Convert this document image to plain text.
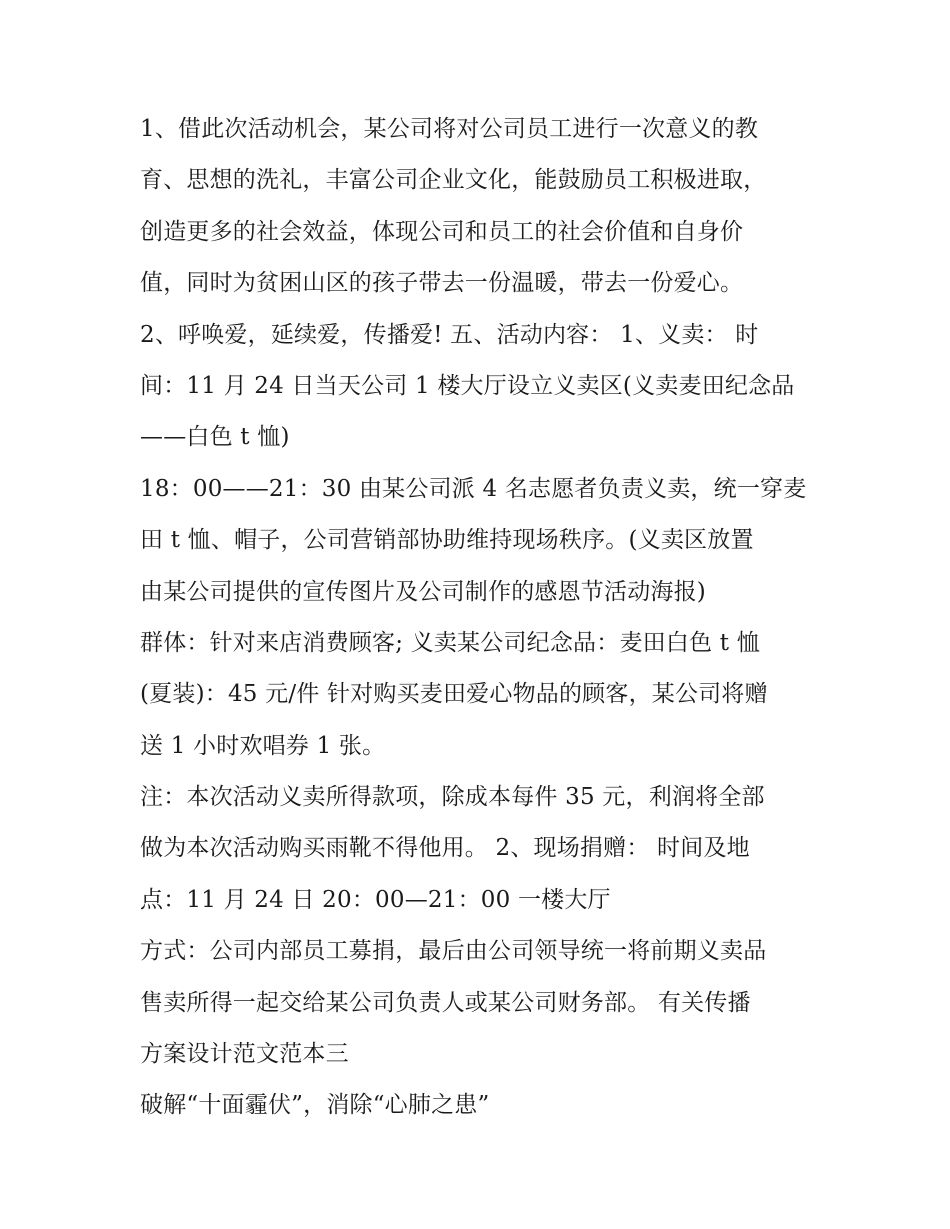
1、借此次活动机会，某公司将对公司员工进行一次意义的教
育、思想的洗礼，丰富公司企业文化，能鼓励员工积极进取，
创造更多的社会效益，体现公司和员工的社会价值和自身价
值，同时为贫困山区的孩子带去一份温暖，带去一份爱心。
2、呼唤爱，延续爱，传播爱! 五、活动内容： 1、义卖： 时
间：11 月 24 日当天公司 1 楼大厅设立义卖区(义卖麦田纪念品
——白色 t 恤)
18：00——21：30 由某公司派 4 名志愿者负责义卖，统一穿麦
田 t 恤、帽子，公司营销部协助维持现场秩序。(义卖区放置
由某公司提供的宣传图片及公司制作的感恩节活动海报)
群体：针对来店消费顾客; 义卖某公司纪念品：麦田白色 t 恤
(夏装)：45 元/件 针对购买麦田爱心物品的顾客，某公司将赠
送 1 小时欢唱券 1 张。
注：本次活动义卖所得款项，除成本每件 35 元，利润将全部
做为本次活动购买雨靴不得他用。 2、现场捐赠： 时间及地
点：11 月 24 日 20：00—21：00 一楼大厅
方式：公司内部员工募捐，最后由公司领导统一将前期义卖品
售卖所得一起交给某公司负责人或某公司财务部。 有关传播
方案设计范文范本三
破解“十面霾伏”，消除“心肺之患”
